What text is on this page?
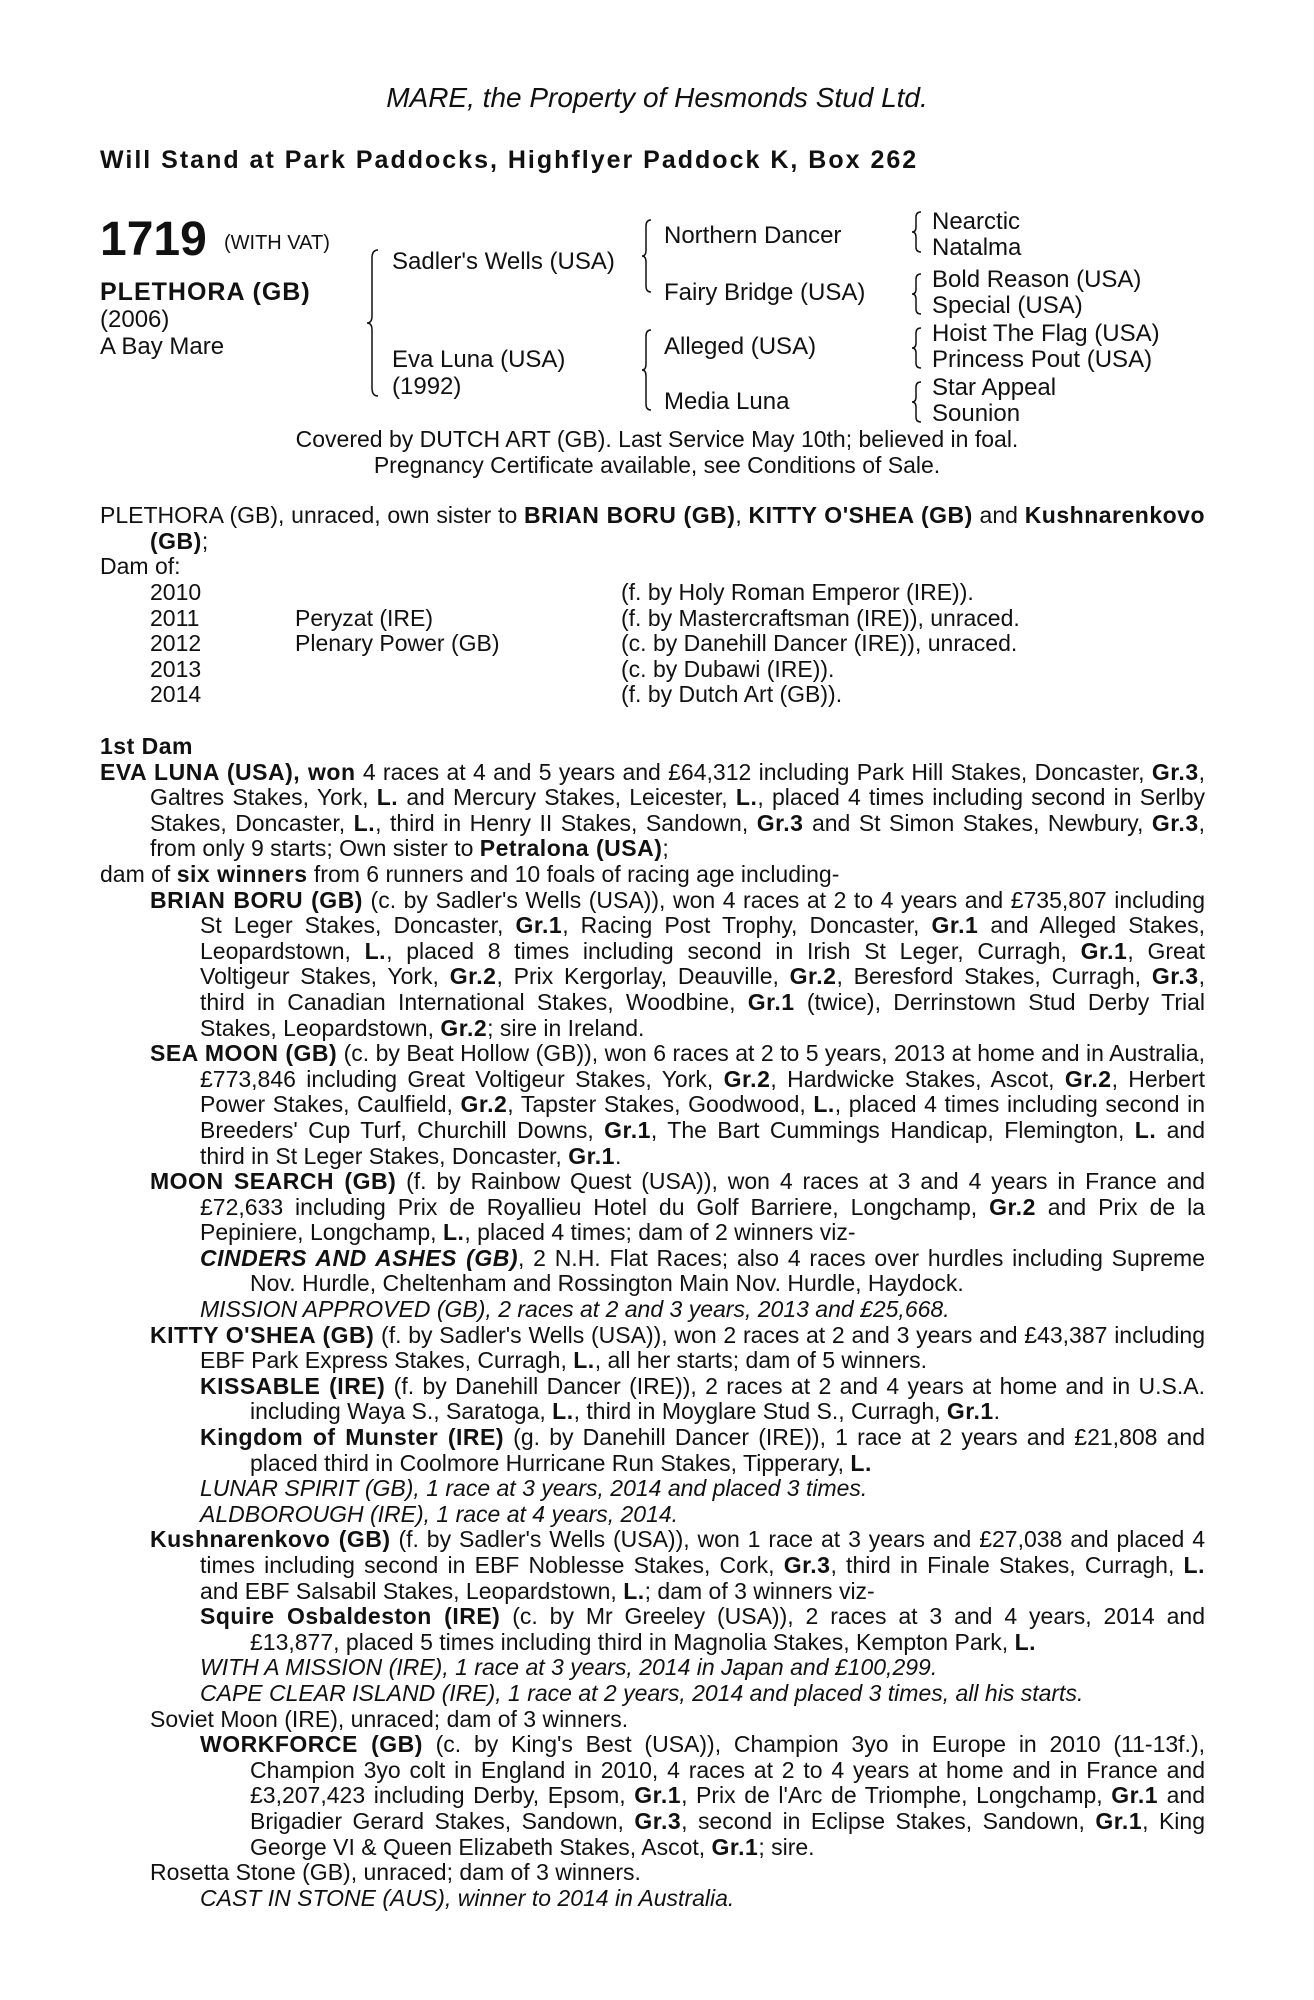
MARE, the Property of Hesmonds Stud Ltd.
Will Stand at Park Paddocks, Highflyer Paddock K, Box 262
1719 (WITH VAT)
PLETHORA (GB)
(2006)
A Bay Mare
Sadler's Wells (USA)
Eva Luna (USA)
(1992)
Northern Dancer
Fairy Bridge (USA)
Alleged (USA)
Media Luna
Nearctic
Natalma
Bold Reason (USA)
Special (USA)
Hoist The Flag (USA)
Princess Pout (USA)
Star Appeal
Sounion
Covered by DUTCH ART (GB). Last Service May 10th; believed in foal.
Pregnancy Certificate available, see Conditions of Sale.

PLETHORA (GB), unraced, own sister to BRIAN BORU (GB), KITTY O'SHEA (GB) and Kushnarenkovo (GB);

Dam of:

2010		(f. by Holy Roman Emperor (IRE)).
2011	Peryzat (IRE)	(f. by Mastercraftsman (IRE)), unraced.
2012	Plenary Power (GB)	(c. by Danehill Dancer (IRE)), unraced.
2013		(c. by Dubawi (IRE)).
2014		(f. by Dutch Art (GB)).

1st Dam

EVA LUNA (USA), won 4 races at 4 and 5 years and £64,312 including Park Hill Stakes, Doncaster, Gr.3, Galtres Stakes, York, L. and Mercury Stakes, Leicester, L., placed 4 times including second in Serlby Stakes, Doncaster, L., third in Henry II Stakes, Sandown, Gr.3 and St Simon Stakes, Newbury, Gr.3, from only 9 starts; Own sister to Petralona (USA);

dam of six winners from 6 runners and 10 foals of racing age including-

BRIAN BORU (GB) (c. by Sadler's Wells (USA)), won 4 races at 2 to 4 years and £735,807 including St Leger Stakes, Doncaster, Gr.1, Racing Post Trophy, Doncaster, Gr.1 and Alleged Stakes, Leopardstown, L., placed 8 times including second in Irish St Leger, Curragh, Gr.1, Great Voltigeur Stakes, York, Gr.2, Prix Kergorlay, Deauville, Gr.2, Beresford Stakes, Curragh, Gr.3, third in Canadian International Stakes, Woodbine, Gr.1 (twice), Derrinstown Stud Derby Trial Stakes, Leopardstown, Gr.2; sire in Ireland.

SEA MOON (GB) (c. by Beat Hollow (GB)), won 6 races at 2 to 5 years, 2013 at home and in Australia, £773,846 including Great Voltigeur Stakes, York, Gr.2, Hardwicke Stakes, Ascot, Gr.2, Herbert Power Stakes, Caulfield, Gr.2, Tapster Stakes, Goodwood, L., placed 4 times including second in Breeders' Cup Turf, Churchill Downs, Gr.1, The Bart Cummings Handicap, Flemington, L. and third in St Leger Stakes, Doncaster, Gr.1.

MOON SEARCH (GB) (f. by Rainbow Quest (USA)), won 4 races at 3 and 4 years in France and £72,633 including Prix de Royallieu Hotel du Golf Barriere, Longchamp, Gr.2 and Prix de la Pepiniere, Longchamp, L., placed 4 times; dam of 2 winners viz-

CINDERS AND ASHES (GB), 2 N.H. Flat Races; also 4 races over hurdles including Supreme Nov. Hurdle, Cheltenham and Rossington Main Nov. Hurdle, Haydock.

MISSION APPROVED (GB), 2 races at 2 and 3 years, 2013 and £25,668.

KITTY O'SHEA (GB) (f. by Sadler's Wells (USA)), won 2 races at 2 and 3 years and £43,387 including EBF Park Express Stakes, Curragh, L., all her starts; dam of 5 winners.

KISSABLE (IRE) (f. by Danehill Dancer (IRE)), 2 races at 2 and 4 years at home and in U.S.A. including Waya S., Saratoga, L., third in Moyglare Stud S., Curragh, Gr.1.

Kingdom of Munster (IRE) (g. by Danehill Dancer (IRE)), 1 race at 2 years and £21,808 and placed third in Coolmore Hurricane Run Stakes, Tipperary, L.

LUNAR SPIRIT (GB), 1 race at 3 years, 2014 and placed 3 times.

ALDBOROUGH (IRE), 1 race at 4 years, 2014.

Kushnarenkovo (GB) (f. by Sadler's Wells (USA)), won 1 race at 3 years and £27,038 and placed 4 times including second in EBF Noblesse Stakes, Cork, Gr.3, third in Finale Stakes, Curragh, L. and EBF Salsabil Stakes, Leopardstown, L.; dam of 3 winners viz-

Squire Osbaldeston (IRE) (c. by Mr Greeley (USA)), 2 races at 3 and 4 years, 2014 and £13,877, placed 5 times including third in Magnolia Stakes, Kempton Park, L.

WITH A MISSION (IRE), 1 race at 3 years, 2014 in Japan and £100,299.

CAPE CLEAR ISLAND (IRE), 1 race at 2 years, 2014 and placed 3 times, all his starts.

Soviet Moon (IRE), unraced; dam of 3 winners.

WORKFORCE (GB) (c. by King's Best (USA)), Champion 3yo in Europe in 2010 (11-13f.), Champion 3yo colt in England in 2010, 4 races at 2 to 4 years at home and in France and £3,207,423 including Derby, Epsom, Gr.1, Prix de l'Arc de Triomphe, Longchamp, Gr.1 and Brigadier Gerard Stakes, Sandown, Gr.3, second in Eclipse Stakes, Sandown, Gr.1, King George VI & Queen Elizabeth Stakes, Ascot, Gr.1; sire.

Rosetta Stone (GB), unraced; dam of 3 winners.

CAST IN STONE (AUS), winner to 2014 in Australia.
